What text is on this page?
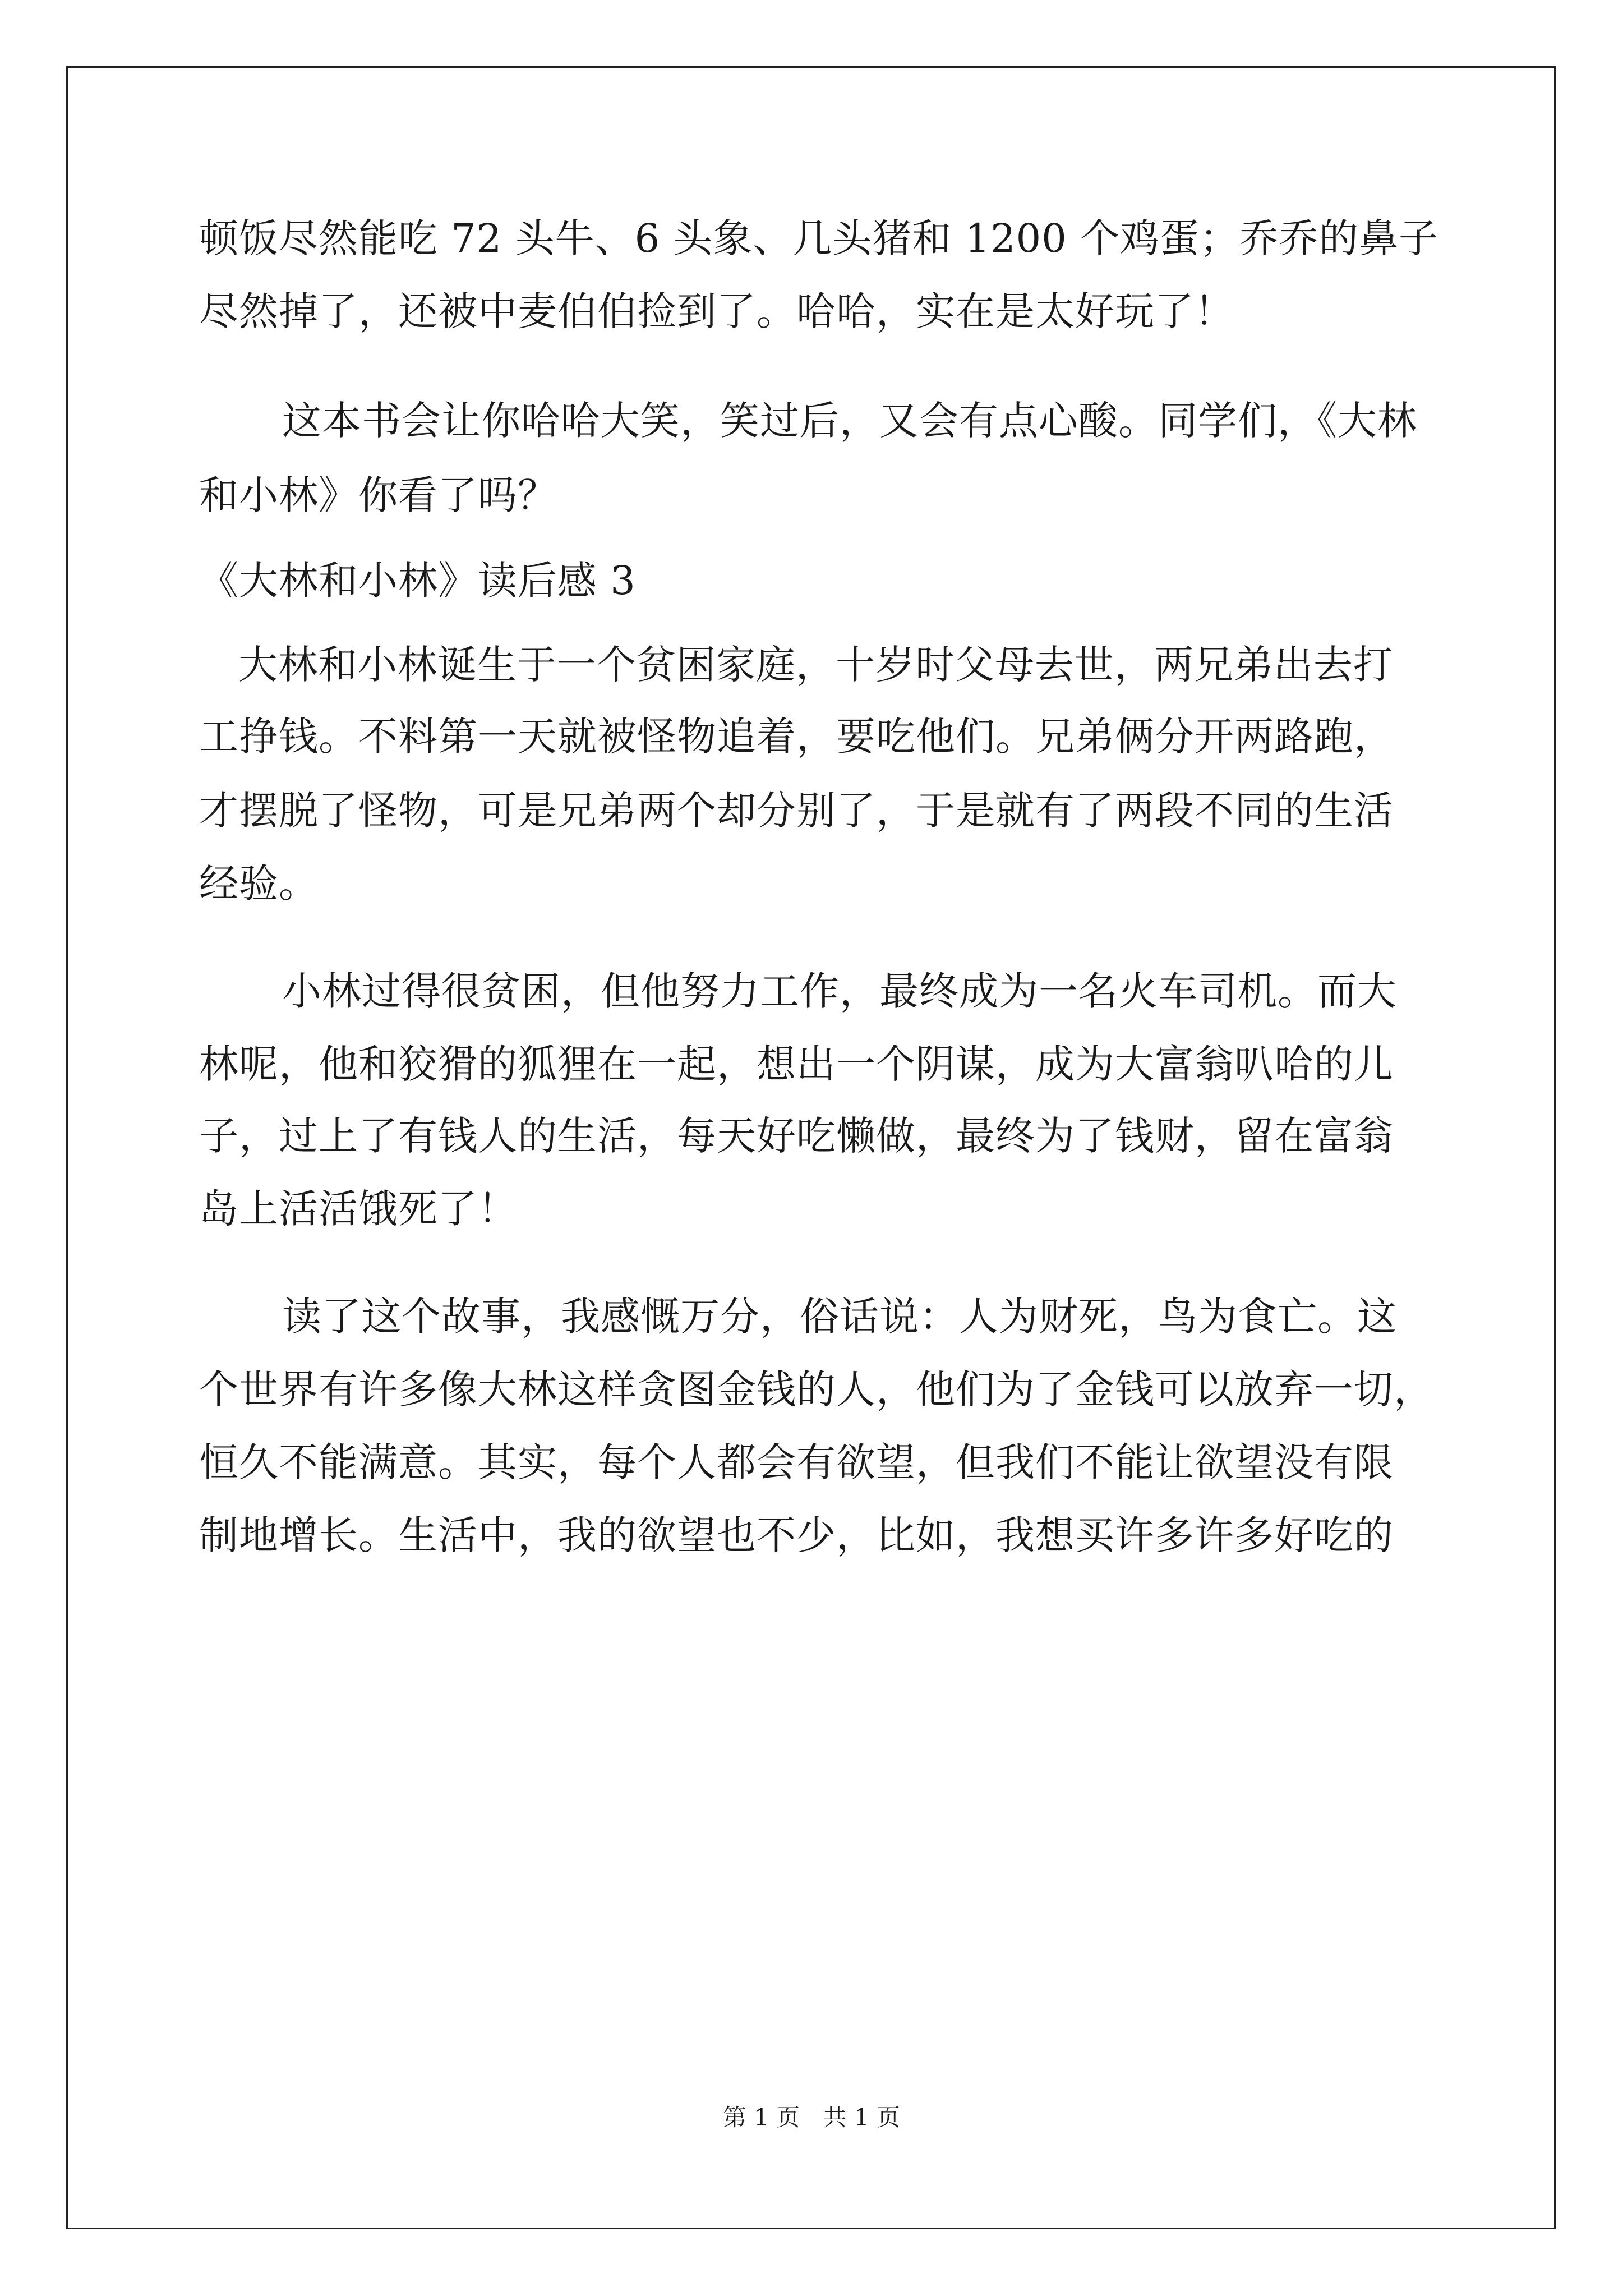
顿饭尽然能吃 72 头牛、6 头象、几头猪和 1200 个鸡蛋；乔乔的鼻子
尽然掉了，还被中麦伯伯捡到了。哈哈，实在是太好玩了！
这本书会让你哈哈大笑，笑过后，又会有点心酸。同学们，《大林
和小林》你看了吗？
《大林和小林》读后感 3
大林和小林诞生于一个贫困家庭，十岁时父母去世，两兄弟出去打
工挣钱。不料第一天就被怪物追着，要吃他们。兄弟俩分开两路跑，
才摆脱了怪物，可是兄弟两个却分别了，于是就有了两段不同的生活
经验。
小林过得很贫困，但他努力工作，最终成为一名火车司机。而大
林呢，他和狡猾的狐狸在一起，想出一个阴谋，成为大富翁叭哈的儿
子，过上了有钱人的生活，每天好吃懒做，最终为了钱财，留在富翁
岛上活活饿死了！
读了这个故事，我感慨万分，俗话说：人为财死，鸟为食亡。这
个世界有许多像大林这样贪图金钱的人，他们为了金钱可以放弃一切，
恒久不能满意。其实，每个人都会有欲望，但我们不能让欲望没有限
制地增长。生活中，我的欲望也不少，比如，我想买许多许多好吃的
第 1 页 共 1 页
